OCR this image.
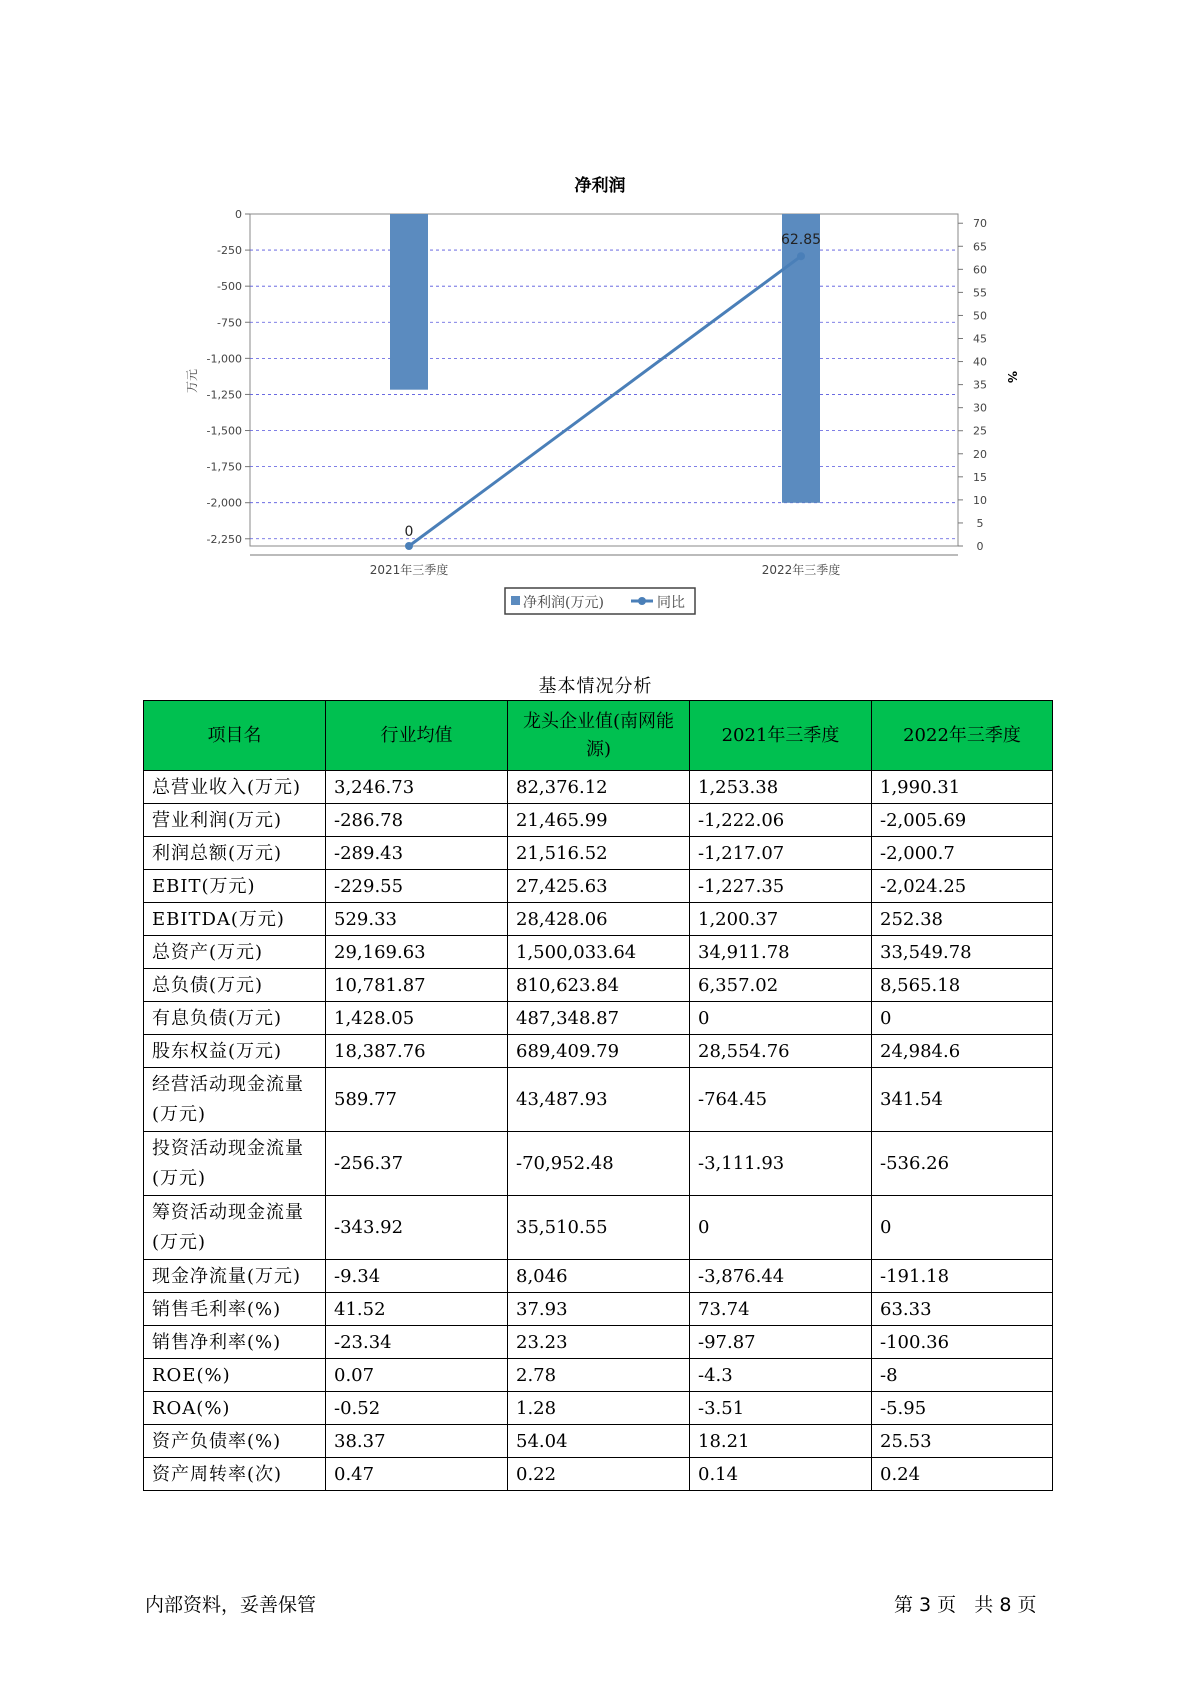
净利润
0
-250
-500
-750
-1,000
-1,250
-1,500
-1,750
-2,000
-2,250
0
5
10
15
20
25
30
35
40
45
50
55
60
65
70
万元	%
2021年三季度	2022年三季度
0
62.85
净利润(万元)	同比
基本情况分析
项目名	行业均值	龙头企业值(南网能源)	2021年三季度	2022年三季度
总营业收入(万元)	3,246.73	82,376.12	1,253.38	1,990.31
营业利润(万元)	-286.78	21,465.99	-1,222.06	-2,005.69
利润总额(万元)	-289.43	21,516.52	-1,217.07	-2,000.7
EBIT(万元)	-229.55	27,425.63	-1,227.35	-2,024.25
EBITDA(万元)	529.33	28,428.06	1,200.37	252.38
总资产(万元)	29,169.63	1,500,033.64	34,911.78	33,549.78
总负债(万元)	10,781.87	810,623.84	6,357.02	8,565.18
有息负债(万元)	1,428.05	487,348.87	0	0
股东权益(万元)	18,387.76	689,409.79	28,554.76	24,984.6
经营活动现金流量(万元)	589.77	43,487.93	-764.45	341.54
投资活动现金流量(万元)	-256.37	-70,952.48	-3,111.93	-536.26
筹资活动现金流量(万元)	-343.92	35,510.55	0	0
现金净流量(万元)	-9.34	8,046	-3,876.44	-191.18
销售毛利率(%)	41.52	37.93	73.74	63.33
销售净利率(%)	-23.34	23.23	-97.87	-100.36
ROE(%)	0.07	2.78	-4.3	-8
ROA(%)	-0.52	1.28	-3.51	-5.95
资产负债率(%)	38.37	54.04	18.21	25.53
资产周转率(次)	0.47	0.22	0.14	0.24
内部资料，妥善保管	第 3 页   共 8 页
